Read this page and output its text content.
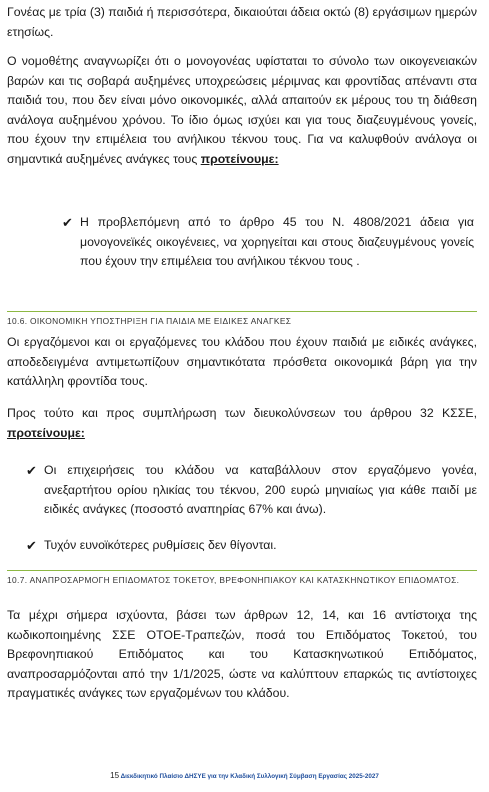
Γονέας με τρία (3) παιδιά ή περισσότερα, δικαιούται άδεια οκτώ (8) εργάσιμων ημερών ετησίως.

Ο νομοθέτης αναγνωρίζει ότι ο μονογονέας υφίσταται το σύνολο των οικογενειακών βαρών και τις σοβαρά αυξημένες υποχρεώσεις μέριμνας και φροντίδας απέναντι στα παιδιά του, που δεν είναι μόνο οικονομικές, αλλά απαιτούν εκ μέρους του τη διάθεση ανάλογα αυξημένου χρόνου. Το ίδιο όμως ισχύει και για τους διαζευγμένους γονείς, που έχουν την επιμέλεια του ανήλικου τέκνου τους. Για να καλυφθούν ανάλογα οι σημαντικά αυξημένες ανάγκες τους προτείνουμε:

✔ Η προβλεπόμενη από το άρθρο 45 του Ν. 4808/2021 άδεια για μονογονεϊκές οικογένειες, να χορηγείται και στους διαζευγμένους γονείς που έχουν την επιμέλεια του ανήλικου τέκνου τους .

10.6. ΟΙΚΟΝΟΜΙΚΗ ΥΠΟΣΤΗΡΙΞΗ ΓΙΑ ΠΑΙΔΙΑ ΜΕ ΕΙΔΙΚΕΣ ΑΝΑΓΚΕΣ

Οι εργαζόμενοι και οι εργαζόμενες του κλάδου που έχουν παιδιά με ειδικές ανάγκες, αποδεδειγμένα αντιμετωπίζουν σημαντικότατα πρόσθετα οικονομικά βάρη για την κατάλληλη φροντίδα τους.

Προς τούτο και προς συμπλήρωση των διευκολύνσεων του άρθρου 32 ΚΣΣΕ, προτείνουμε:

✔ Οι επιχειρήσεις του κλάδου να καταβάλλουν στον εργαζόμενο γονέα, ανεξαρτήτου ορίου ηλικίας του τέκνου, 200 ευρώ μηνιαίως για κάθε παιδί με ειδικές ανάγκες (ποσοστό αναπηρίας 67% και άνω).

✔ Τυχόν ευνοϊκότερες ρυθμίσεις δεν θίγονται.

10.7. ΑΝΑΠΡΟΣΑΡΜΟΓΗ ΕΠΙΔΟΜΑΤΟΣ ΤΟΚΕΤΟΥ, ΒΡΕΦΟΝΗΠΙΑΚΟΥ ΚΑΙ ΚΑΤΑΣΚΗΝΩΤΙΚΟΥ ΕΠΙΔΟΜΑΤΟΣ.

Τα μέχρι σήμερα ισχύοντα, βάσει των άρθρων 12, 14, και 16 αντίστοιχα της κωδικοποιημένης ΣΣΕ ΟΤΟΕ-Τραπεζών, ποσά του Επιδόματος Τοκετού, του Βρεφονηπιακού Επιδόματος και του Κατασκηνωτικού Επιδόματος, αναπροσαρμόζονται από την 1/1/2025, ώστε να καλύπτουν επαρκώς τις αντίστοιχες πραγματικές ανάγκες των εργαζομένων του κλάδου.

15 Διεκδικητικό Πλαίσιο ΔΗΣΥΕ για την Κλαδική Συλλογική Σύμβαση Εργασίας 2025-2027
